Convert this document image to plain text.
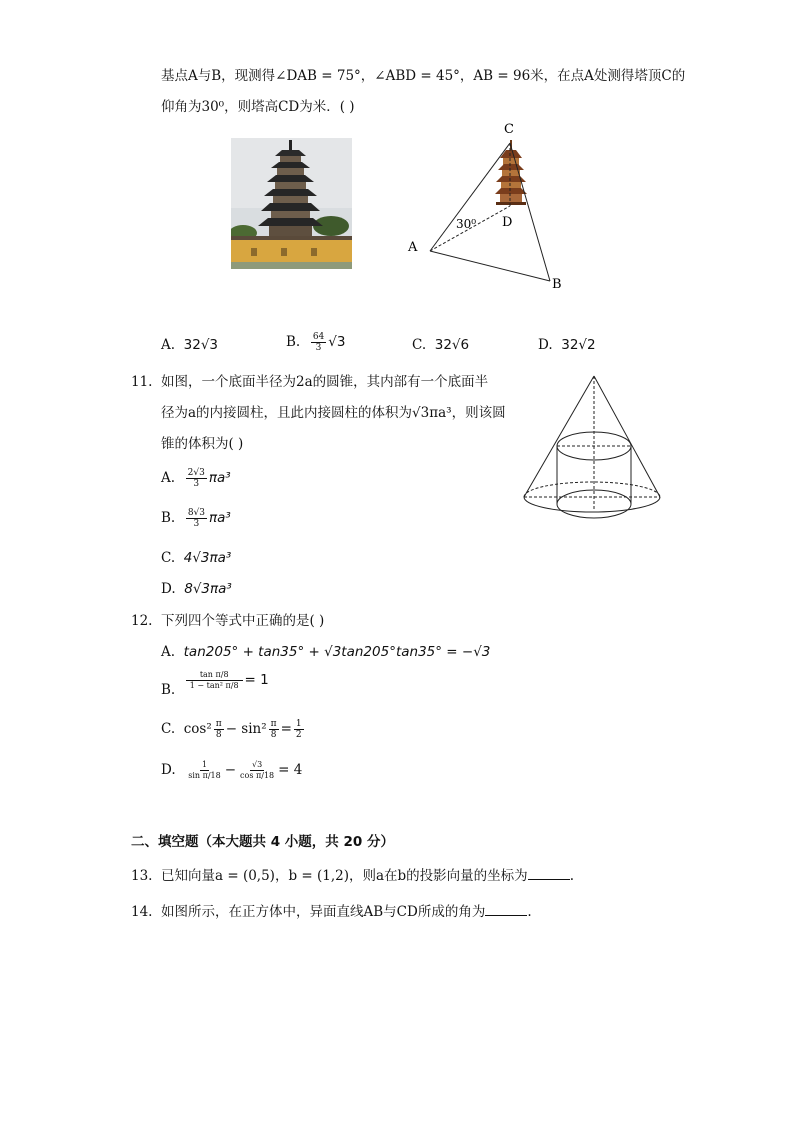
基点A与B，现测得∠DAB = 75°，∠ABD = 45°，AB = 96米，在点A处测得塔顶C的
仰角为30⁰，则塔高CD为米．( )
C
D
A
B
30⁰
A. 32√3	B. $\frac{64}{3} √3$	C. 32√6	D. 32√2
11. 如图，一个底面半径为2a的圆锥，其内部有一个底面半
径为a的内接圆柱，且此内接圆柱的体积为√3πa³，则该圆
锥的体积为( )
A. $\frac{2√3}{3} \pi a^3$
B. $\frac{8√3}{3} \pi a^3$
C. 4√3πa³
D. 8√3πa³
12. 下列四个等式中正确的是( )
A. tan205° + tan35° + √3tan205°tan35° = −√3
B. $\frac{\text{tan π/8}}{\text{1 − tan² π/8}} = 1$
C. $\cos^2 \frac{\pi}{8} - \sin^2 \frac{\pi}{8} = \frac{1}{2}$
D. $\frac{1}{\text{sin π/18}} - \frac{√3}{\text{cos π/18}} = 4$
二、填空题（本大题共 4 小题，共 20 分）
13. 已知向量a = (0,5)，b = (1,2)，则a在b的投影向量的坐标为	.
14. 如图所示，在正方体中，异面直线AB与CD所成的角为	.
